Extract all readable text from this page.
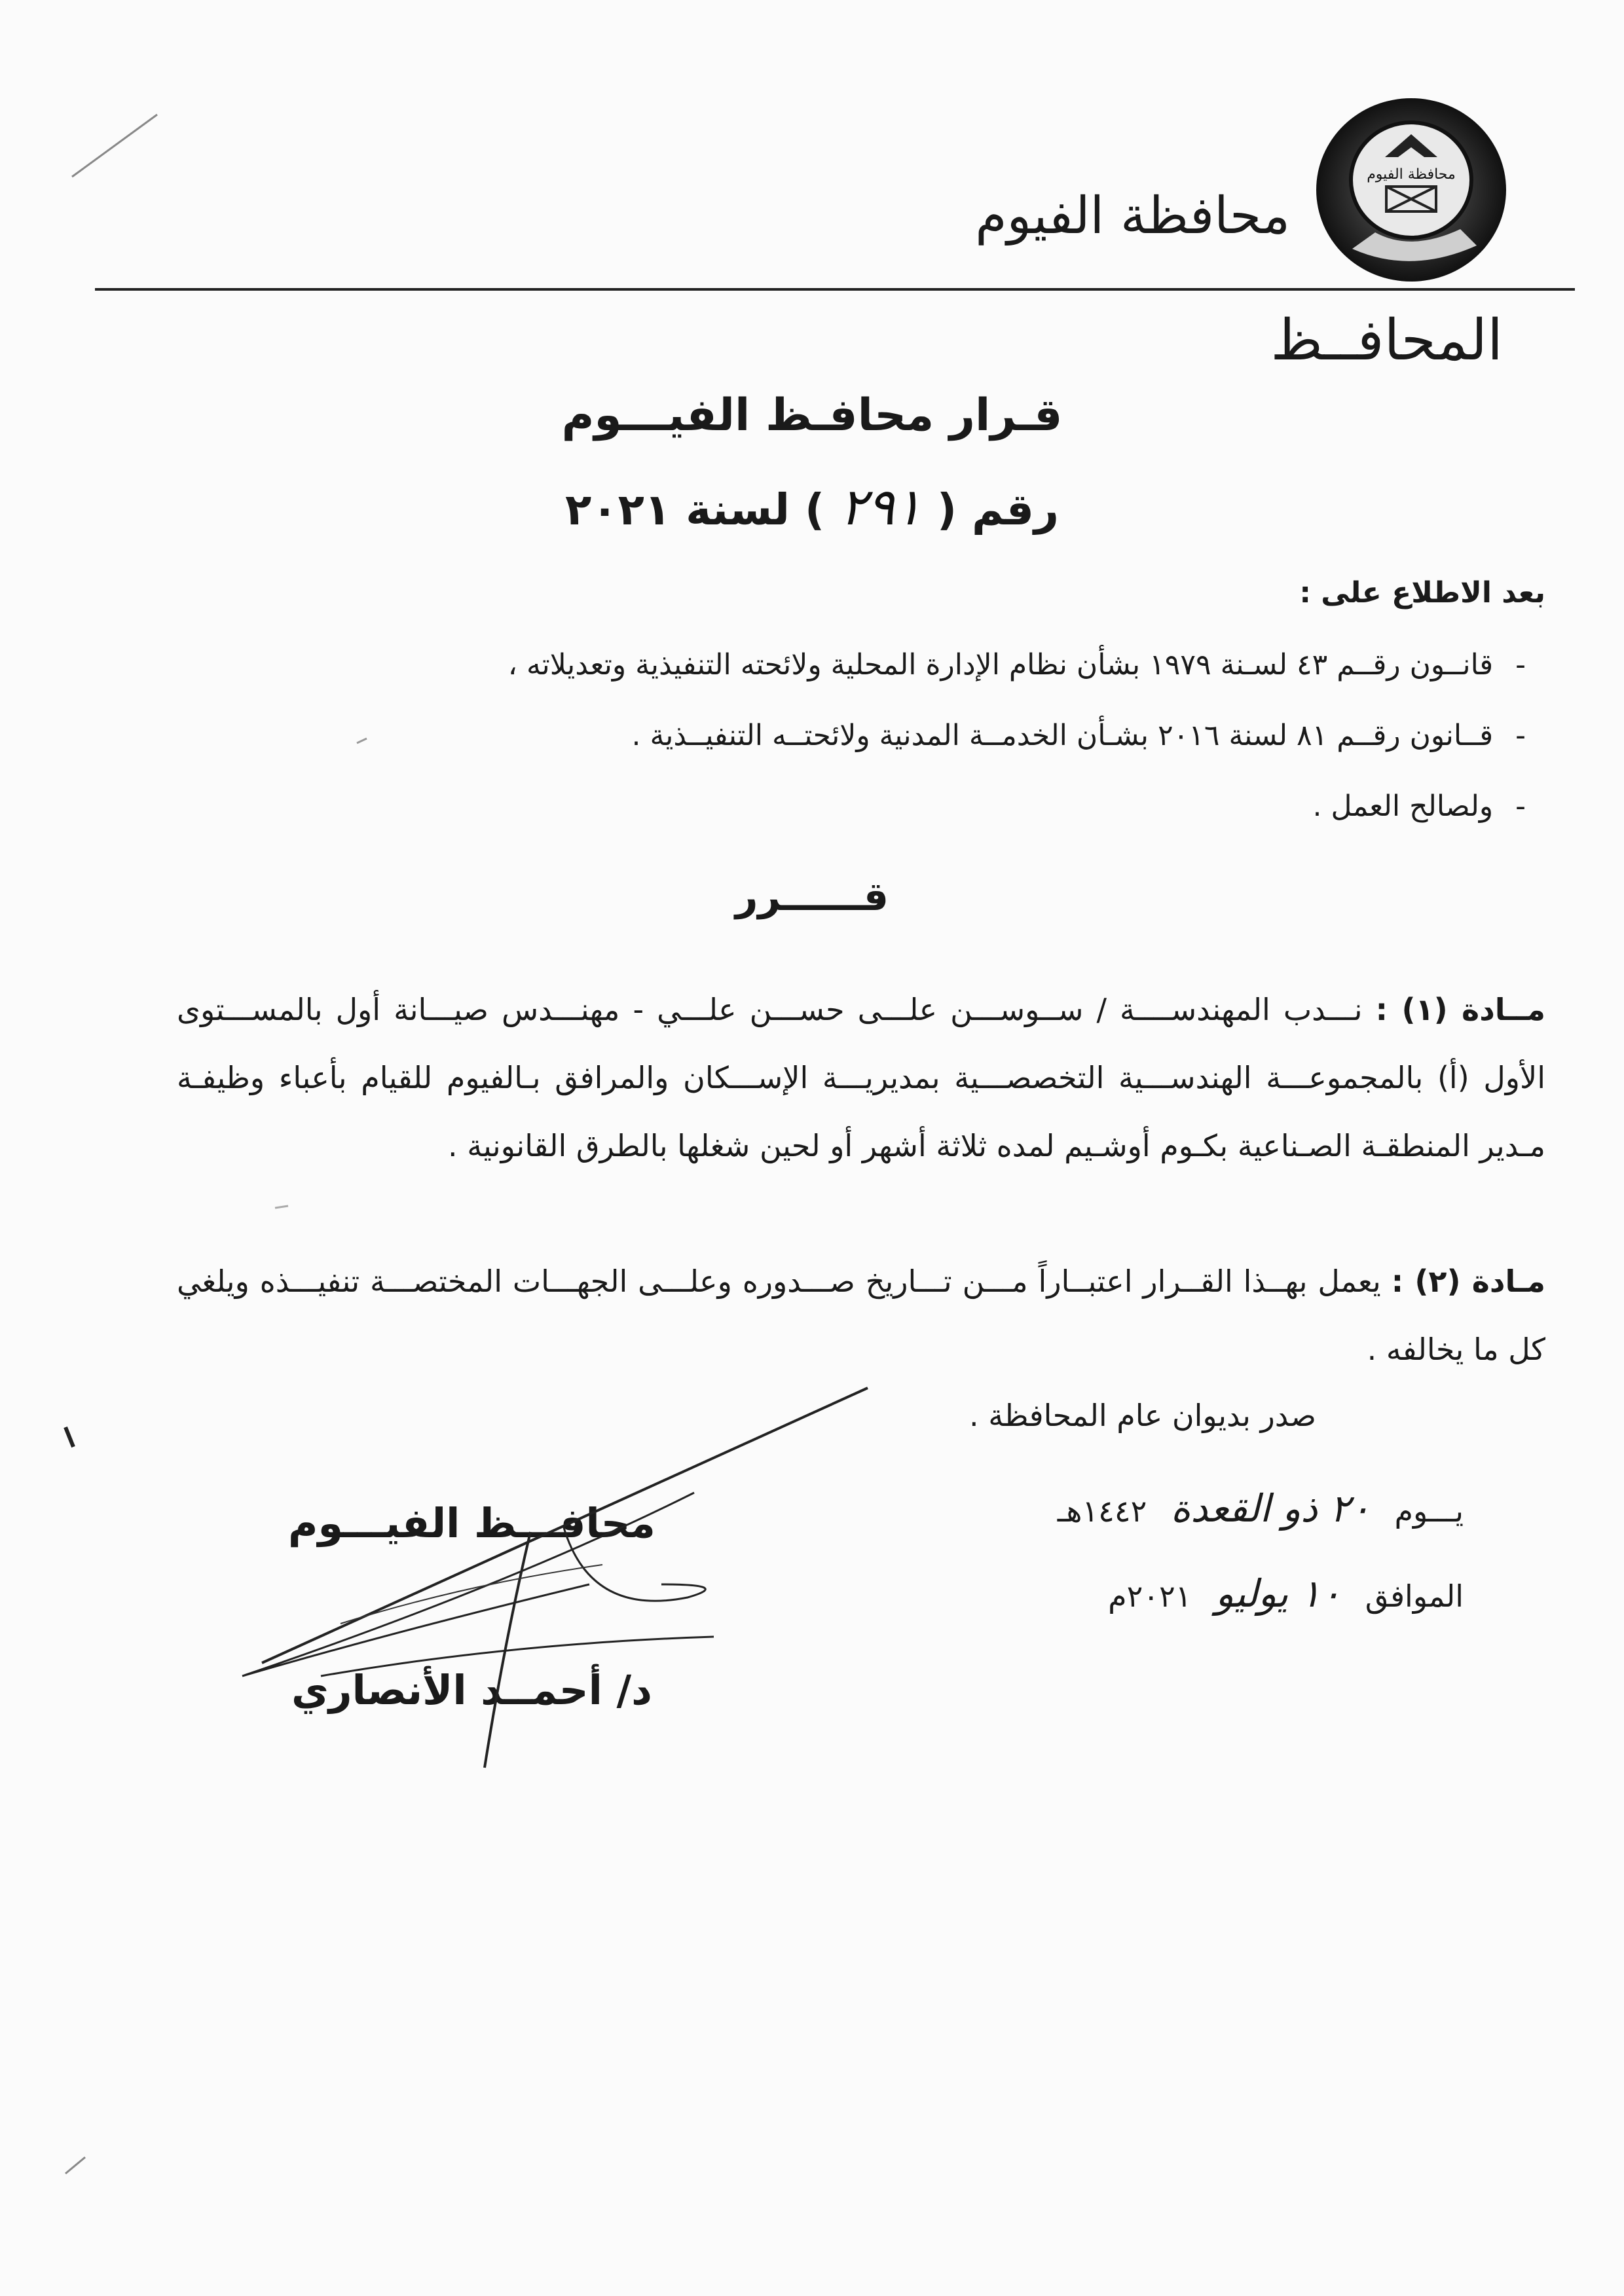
محافظة الفيوم
محافظة الفيوم
المحافــظ
قـرار محافـظ الفيـــوم
رقم ( ٢٩١ ) لسنة ٢٠٢١
بعد الاطلاع على :
-قانــون رقــم ٤٣ لسـنة ١٩٧٩ بشأن نظام الإدارة المحلية ولائحته التنفيذية وتعديلاته ،
-قــانون رقــم ٨١ لسنة ٢٠١٦ بشـأن الخدمــة المدنية ولائحتــه التنفيــذية .
-ولصالح العمل .
قــــــرر
مــادة (١) : نـــدب المهندســــة / ســوســـن علـــى حســـن علـــي - مهنـــدس صيـــانة أول بالمســـتوى الأول (أ) بالمجموعـــة الهندســـية التخصصـــية بمديريـــة الإســـكان والمرافق بـالفيوم للقيام بأعباء وظيفـة مـدير المنطقـة الصـناعية بكـوم أوشـيم لمده ثلاثة أشهر أو لحين شغلها بالطرق القانونية .
مـادة (٢) : يعمل بهــذا القــرار اعتبــاراً مـــن تـــاريخ صـــدوره وعلـــى الجهـــات المختصـــة تنفيـــذه ويلغي كل ما يخالفه .
صدر بديوان عام المحافظة .
يـــوم ٢٠ ذو القعدة ١٤٤٢هـ
الموافق ١٠ يوليو ٢٠٢١م
محافـــظ الفيـــوم
د/ أحمــد الأنصاري
